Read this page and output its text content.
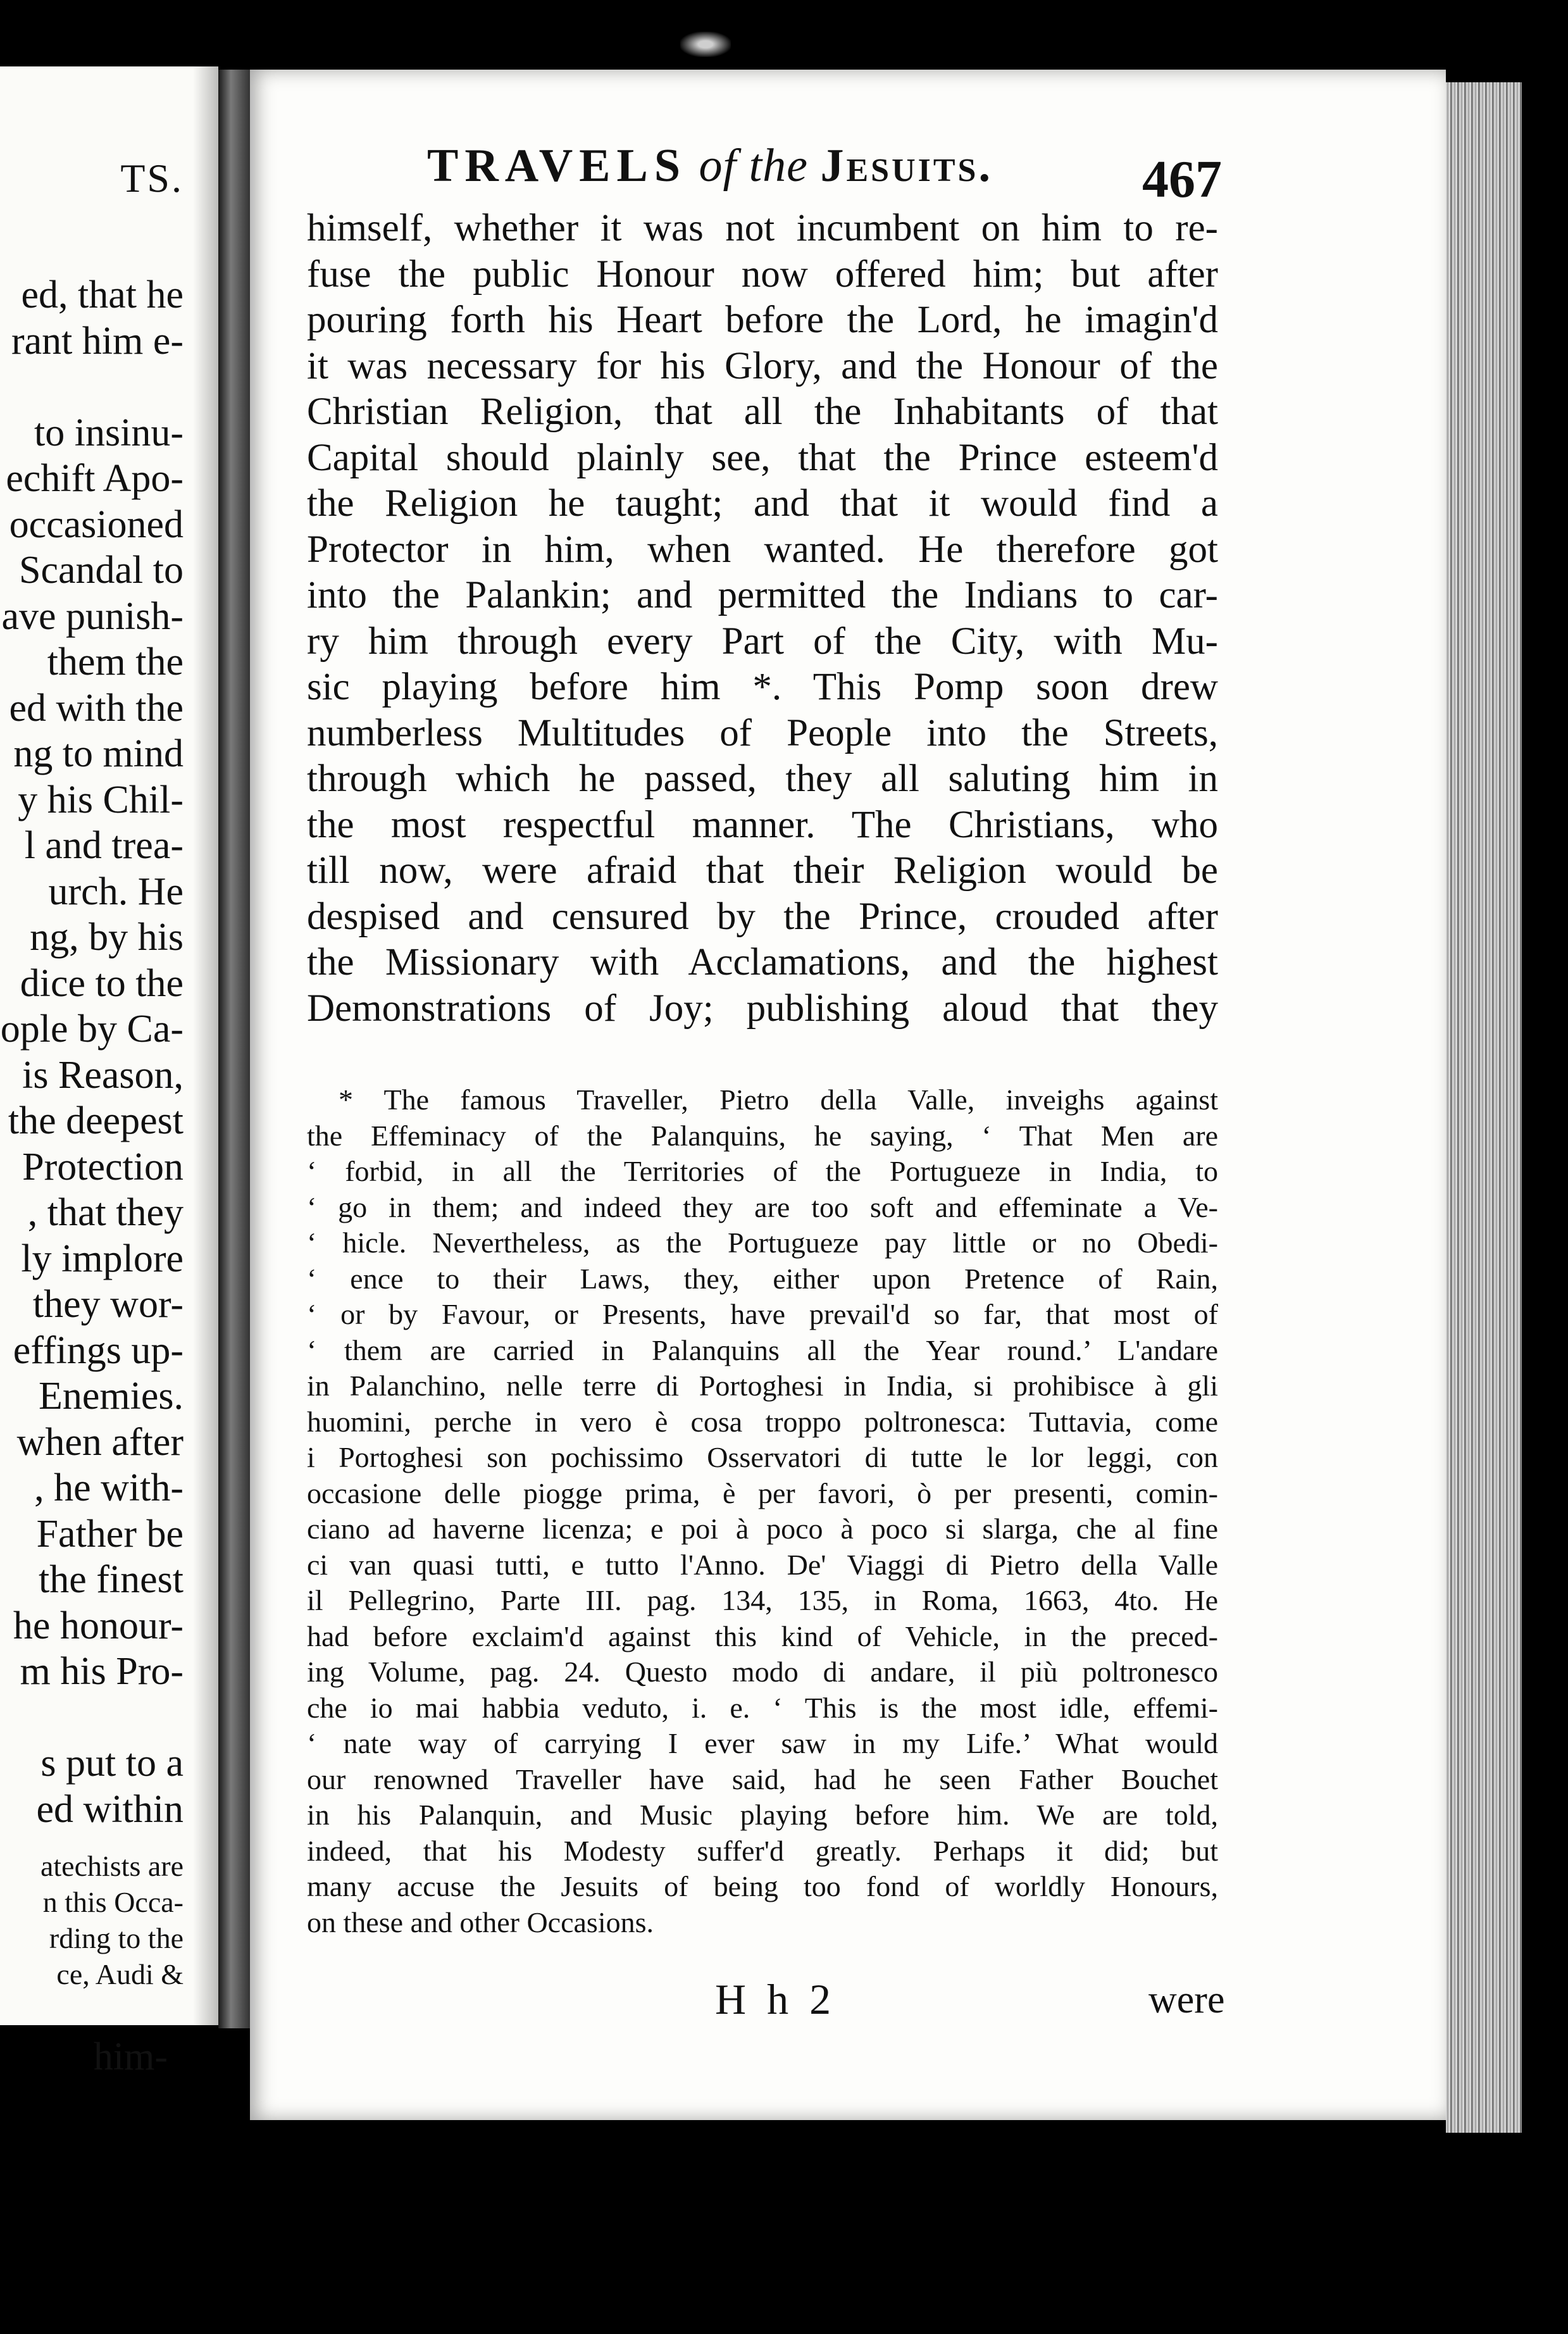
TS.
ed, that he
rant him e-

to insinu-
echift Apo-
occasioned
Scandal to
ave punish-
them the
ed with the
ng to mind
y his Chil-
l and trea-
urch. He
ng, by his
dice to the
ople by Ca-
is Reason,
the deepest
Protection
, that they
ly implore
they wor-
effings up-
Enemies.
when after
, he with-
Father be
the finest
he honour-
m his Pro-

s put to a
ed within
atechists are
n this Occa-
rding to the
ce, Audi &
him-
TRAVELS of the Jesuits.	467
himself, whether it was not incumbent on him to re-
fuse the public Honour now offered him; but after
pouring forth his Heart before the Lord, he imagin'd
it was necessary for his Glory, and the Honour of the
Christian Religion, that all the Inhabitants of that
Capital should plainly see, that the Prince esteem'd
the Religion he taught; and that it would find a
Protector in him, when wanted. He therefore got
into the Palankin; and permitted the Indians to car-
ry him through every Part of the City, with Mu-
sic playing before him *. This Pomp soon drew
numberless Multitudes of People into the Streets,
through which he passed, they all saluting him in
the most respectful manner. The Christians, who
till now, were afraid that their Religion would be
despised and censured by the Prince, crouded after
the Missionary with Acclamations, and the highest
Demonstrations of Joy; publishing aloud that they
* The famous Traveller, Pietro della Valle, inveighs against
the Effeminacy of the Palanquins, he saying, ‘ That Men are
‘ forbid, in all the Territories of the Portugueze in India, to
‘ go in them; and indeed they are too soft and effeminate a Ve-
‘ hicle. Nevertheless, as the Portugueze pay little or no Obedi-
‘ ence to their Laws, they, either upon Pretence of Rain,
‘ or by Favour, or Presents, have prevail'd so far, that most of
‘ them are carried in Palanquins all the Year round.’ L'andare
in Palanchino, nelle terre di Portoghesi in India, si prohibisce à gli
huomini, perche in vero è cosa troppo poltronesca: Tuttavia, come
i Portoghesi son pochissimo Osservatori di tutte le lor leggi, con
occasione delle piogge prima, è per favori, ò per presenti, comin-
ciano ad haverne licenza; e poi à poco à poco si slarga, che al fine
ci van quasi tutti, e tutto l'Anno. De' Viaggi di Pietro della Valle
il Pellegrino, Parte III. pag. 134, 135, in Roma, 1663, 4to. He
had before exclaim'd against this kind of Vehicle, in the preced-
ing Volume, pag. 24. Questo modo di andare, il più poltronesco
che io mai habbia veduto, i. e. ‘ This is the most idle, effemi-
‘ nate way of carrying I ever saw in my Life.’ What would
our renowned Traveller have said, had he seen Father Bouchet
in his Palanquin, and Music playing before him. We are told,
indeed, that his Modesty suffer'd greatly. Perhaps it did; but
many accuse the Jesuits of being too fond of worldly Honours,
on these and other Occasions.
H h 2	were
